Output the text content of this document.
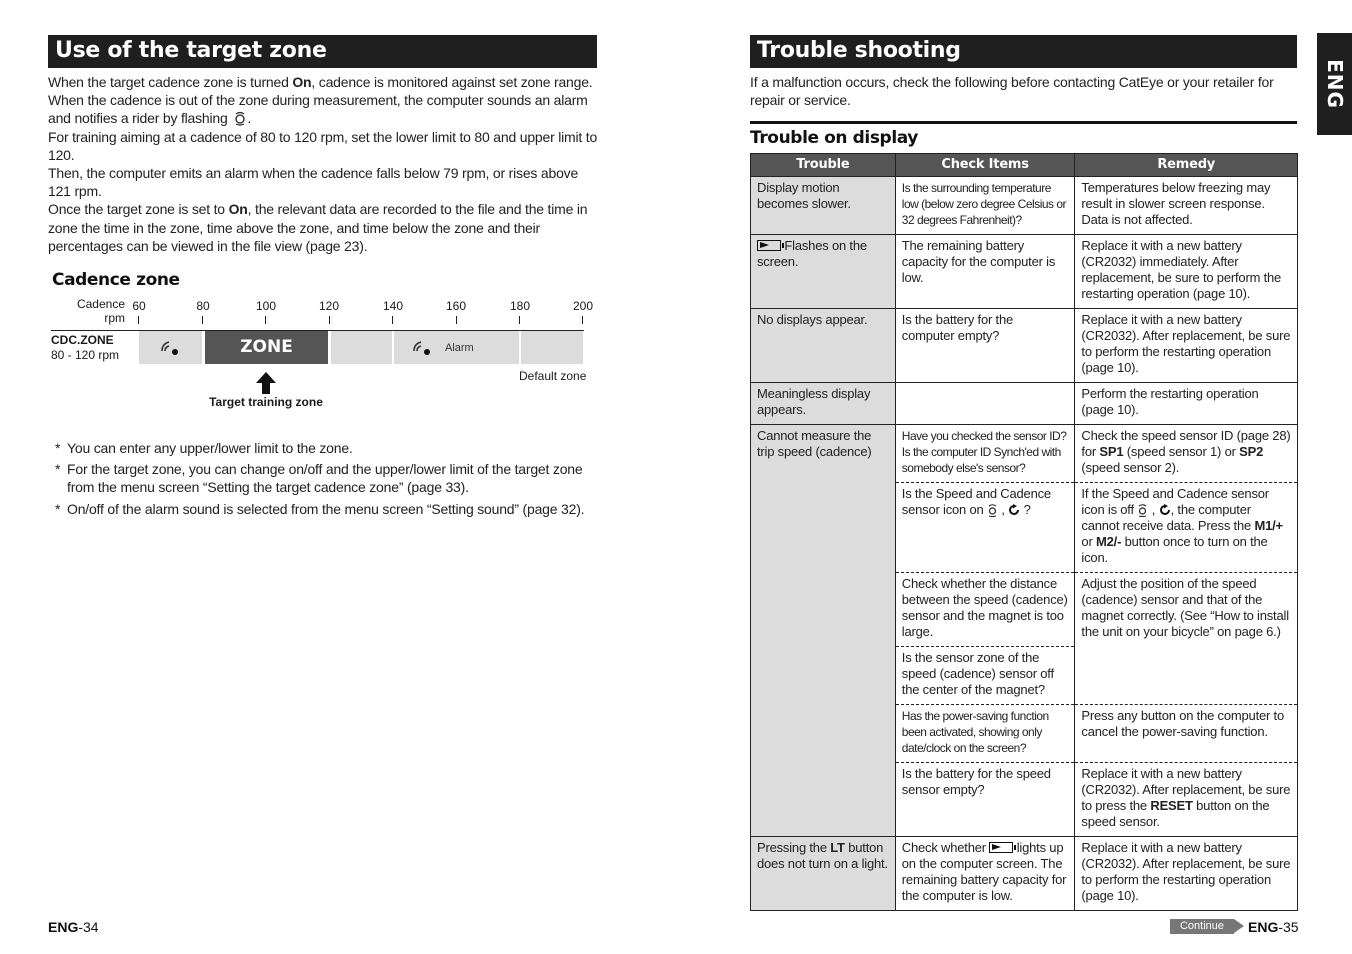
Use of the target zone

When the target cadence zone is turned On, cadence is monitored against set zone range.

When the cadence is out of the zone during measurement, the computer sounds an alarm

and notifies a rider by flashing .

For training aiming at a cadence of 80 to 120 rpm, set the lower limit to 80 and upper limit to 120.

Then, the computer emits an alarm when the cadence falls below 79 rpm, or rises above 121 rpm.

Once the target zone is set to On, the relevant data are recorded to the file and the time in zone the time in the zone, time above the zone, and time below the zone and their percentages can be viewed in the file view (page 23).

Cadence zone
Cadence
rpm
60	80	100	120	140	160	180	200
CDC.ZONE
80 - 120 rpm	ZONE	Alarm
Default zone
Target training zone
* You can enter any upper/lower limit to the zone.
* For the target zone, you can change on/off and the upper/lower limit of the target zone from the menu screen “Setting the target cadence zone” (page 33).
* On/off of the alarm sound is selected from the menu screen “Setting sound” (page 32).
ENG-34
Trouble shooting
ENG
If a malfunction occurs, check the following before contacting CatEye or your retailer for repair or service.
Trouble on display
Trouble	Check Items	Remedy
Display motion becomes slower.	Is the surrounding temperature low (below zero degree Celsius or 32 degrees Fahrenheit)?	Temperatures below freezing may result in slower screen response. Data is not affected.
Flashes on the screen.	The remaining battery capacity for the computer is low.	Replace it with a new battery (CR2032) immediately. After replacement, be sure to perform the restarting operation (page 10).
No displays appear.	Is the battery for the computer empty?	Replace it with a new battery (CR2032). After replacement, be sure to perform the restarting operation (page 10).
Meaningless display appears.		Perform the restarting operation (page 10).
Cannot measure the trip speed (cadence)	Have you checked the sensor ID? Is the computer ID Synch'ed with somebody else's sensor?	Check the speed sensor ID (page 28) for SP1 (speed sensor 1) or SP2 (speed sensor 2).
	Is the Speed and Cadence sensor icon on  ,  ?	If the Speed and Cadence sensor icon is off  , , the computer cannot receive data. Press the M1/+ or M2/- button once to turn on the icon.
	Check whether the distance between the speed (cadence) sensor and the magnet is too large.	Adjust the position of the speed (cadence) sensor and that of the magnet correctly. (See “How to install the unit on your bicycle” on page 6.)
	Is the sensor zone of the speed (cadence) sensor off the center of the magnet?	
	Has the power-saving function been activated, showing only date/clock on the screen?	Press any button on the computer to cancel the power-saving function.
	Is the battery for the speed sensor empty?	Replace it with a new battery (CR2032). After replacement, be sure to press the RESET button on the speed sensor.
Pressing the LT button does not turn on a light.	Check whether lights up on the computer screen. The remaining battery capacity for the computer is low.	Replace it with a new battery (CR2032). After replacement, be sure to perform the restarting operation (page 10).
Continue	ENG-35
